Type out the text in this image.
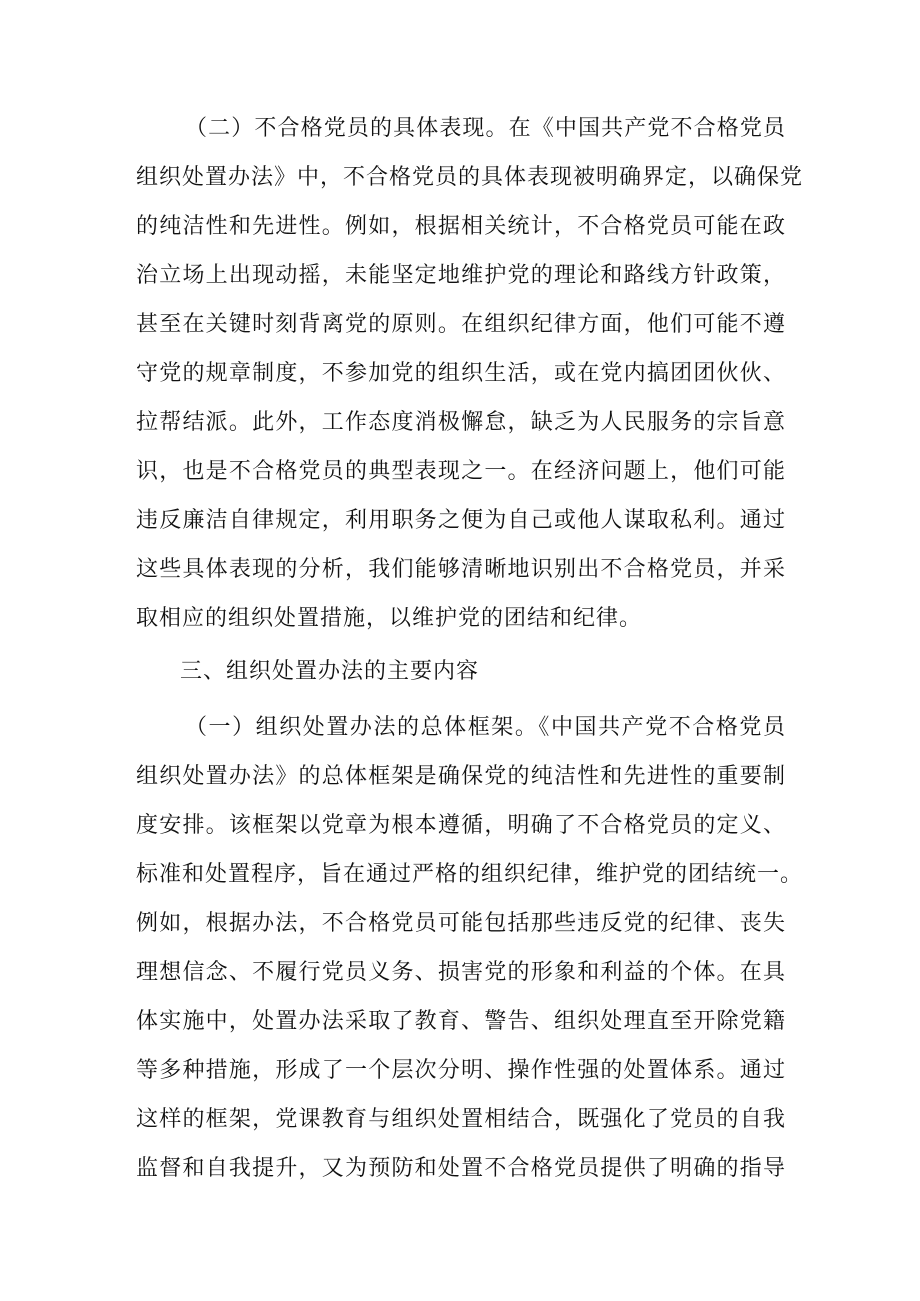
（二）不合格党员的具体表现。在《中国共产党不合格党员
组织处置办法》中，不合格党员的具体表现被明确界定，以确保党
的纯洁性和先进性。例如，根据相关统计，不合格党员可能在政
治立场上出现动摇，未能坚定地维护党的理论和路线方针政策，
甚至在关键时刻背离党的原则。在组织纪律方面，他们可能不遵
守党的规章制度，不参加党的组织生活，或在党内搞团团伙伙、
拉帮结派。此外，工作态度消极懈怠，缺乏为人民服务的宗旨意
识，也是不合格党员的典型表现之一。在经济问题上，他们可能
违反廉洁自律规定，利用职务之便为自己或他人谋取私利。通过
这些具体表现的分析，我们能够清晰地识别出不合格党员，并采
取相应的组织处置措施，以维护党的团结和纪律。
三、组织处置办法的主要内容
（一）组织处置办法的总体框架。《中国共产党不合格党员
组织处置办法》的总体框架是确保党的纯洁性和先进性的重要制
度安排。该框架以党章为根本遵循，明确了不合格党员的定义、
标准和处置程序，旨在通过严格的组织纪律，维护党的团结统一。
例如，根据办法，不合格党员可能包括那些违反党的纪律、丧失
理想信念、不履行党员义务、损害党的形象和利益的个体。在具
体实施中，处置办法采取了教育、警告、组织处理直至开除党籍
等多种措施，形成了一个层次分明、操作性强的处置体系。通过
这样的框架，党课教育与组织处置相结合，既强化了党员的自我
监督和自我提升，又为预防和处置不合格党员提供了明确的指导
